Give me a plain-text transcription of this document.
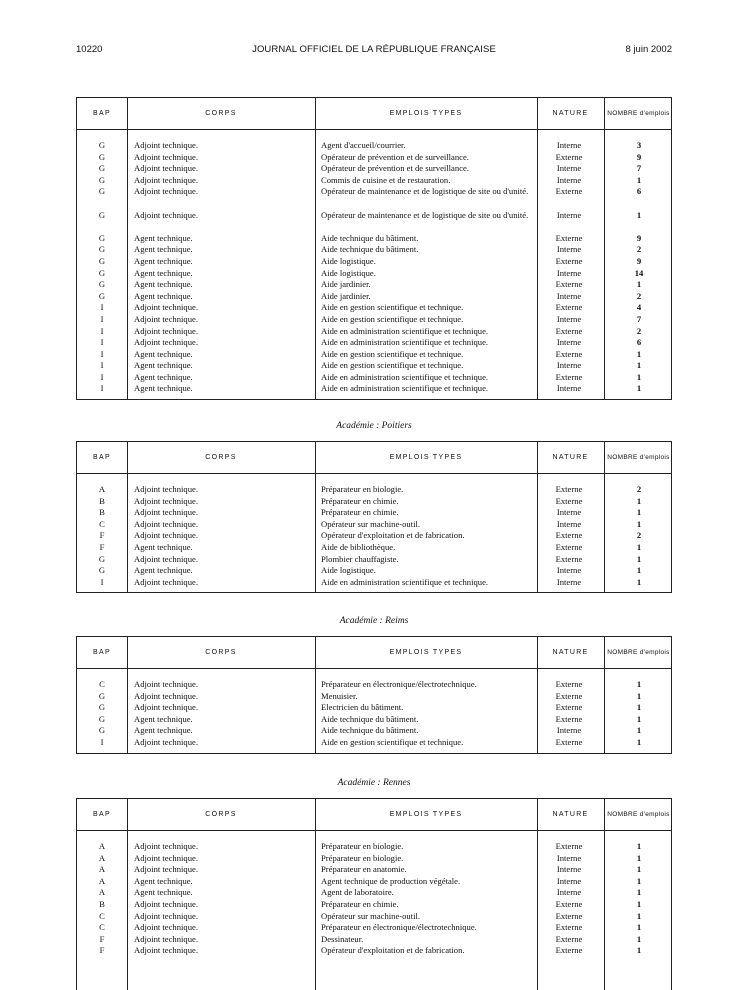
10220	JOURNAL OFFICIEL DE LA RÉPUBLIQUE FRANÇAISE	8 juin 2002
BAP	CORPS	EMPLOIS TYPES	NATURE	NOMBRE d'emplois
G	Adjoint technique.	Agent d'accueil/courrier.	Interne	3
G	Adjoint technique.	Opérateur de prévention et de surveillance.	Externe	9
G	Adjoint technique.	Opérateur de prévention et de surveillance.	Interne	7
G	Adjoint technique.	Commis de cuisine et de restauration.	Interne	1
G	Adjoint technique.	Opérateur de maintenance et de logistique de site ou d'unité.	Externe	6
G	Adjoint technique.	Opérateur de maintenance et de logistique de site ou d'unité.	Interne	1
G	Agent technique.	Aide technique du bâtiment.	Externe	9
G	Agent technique.	Aide technique du bâtiment.	Interne	2
G	Agent technique.	Aide logistique.	Externe	9
G	Agent technique.	Aide logistique.	Interne	14
G	Agent technique.	Aide jardinier.	Externe	1
G	Agent technique.	Aide jardinier.	Interne	2
I	Adjoint technique.	Aide en gestion scientifique et technique.	Externe	4
I	Adjoint technique.	Aide en gestion scientifique et technique.	Interne	7
I	Adjoint technique.	Aide en administration scientifique et technique.	Externe	2
I	Adjoint technique.	Aide en administration scientifique et technique.	Interne	6
I	Agent technique.	Aide en gestion scientifique et technique.	Externe	1
I	Agent technique.	Aide en gestion scientifique et technique.	Interne	1
I	Agent technique.	Aide en administration scientifique et technique.	Externe	1
I	Agent technique.	Aide en administration scientifique et technique.	Interne	1
Académie : Poitiers
BAP	CORPS	EMPLOIS TYPES	NATURE	NOMBRE d'emplois
A	Adjoint technique.	Préparateur en biologie.	Externe	2
B	Adjoint technique.	Préparateur en chimie.	Externe	1
B	Adjoint technique.	Préparateur en chimie.	Interne	1
C	Adjoint technique.	Opérateur sur machine-outil.	Interne	1
F	Adjoint technique.	Opérateur d'exploitation et de fabrication.	Externe	2
F	Agent technique.	Aide de bibliothèque.	Externe	1
G	Adjoint technique.	Plombier chauffagiste.	Externe	1
G	Agent technique.	Aide logistique.	Interne	1
I	Adjoint technique.	Aide en administration scientifique et technique.	Interne	1
Académie : Reims
BAP	CORPS	EMPLOIS TYPES	NATURE	NOMBRE d'emplois
C	Adjoint technique.	Préparateur en électronique/électrotechnique.	Externe	1
G	Adjoint technique.	Menuisier.	Externe	1
G	Adjoint technique.	Electricien du bâtiment.	Externe	1
G	Agent technique.	Aide technique du bâtiment.	Externe	1
G	Agent technique.	Aide technique du bâtiment.	Interne	1
I	Adjoint technique.	Aide en gestion scientifique et technique.	Externe	1
Académie : Rennes
BAP	CORPS	EMPLOIS TYPES	NATURE	NOMBRE d'emplois
A	Adjoint technique.	Préparateur en biologie.	Externe	1
A	Adjoint technique.	Préparateur en biologie.	Interne	1
A	Adjoint technique.	Préparateur en anatomie.	Interne	1
A	Agent technique.	Agent technique de production végétale.	Interne	1
A	Agent technique.	Agent de laboratoire.	Interne	1
B	Adjoint technique.	Préparateur en chimie.	Externe	1
C	Adjoint technique.	Opérateur sur machine-outil.	Externe	1
C	Adjoint technique.	Préparateur en électronique/électrotechnique.	Externe	1
F	Adjoint technique.	Dessinateur.	Externe	1
F	Adjoint technique.	Opérateur d'exploitation et de fabrication.	Externe	1
